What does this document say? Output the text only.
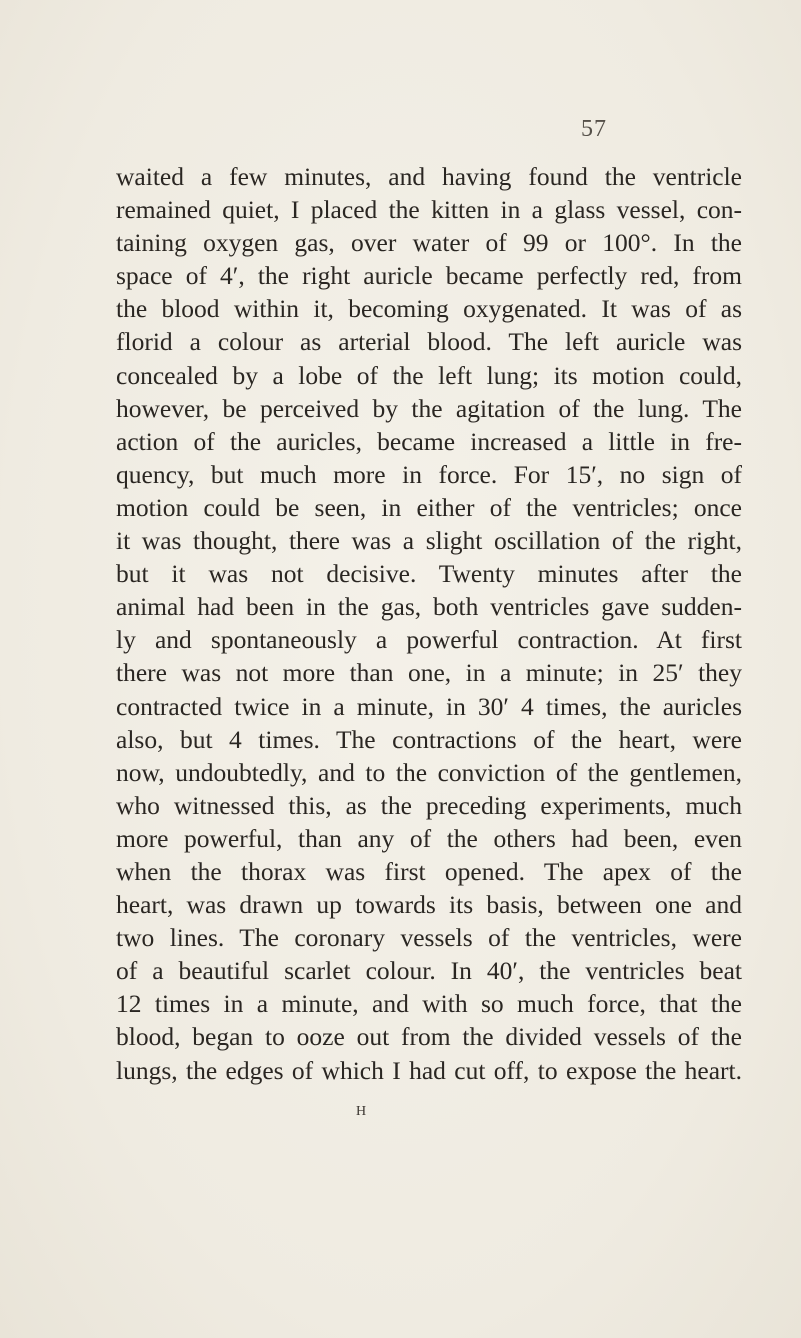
57
waited a few minutes, and having found the ventricle
remained quiet, I placed the kitten in a glass vessel, con-
taining oxygen gas, over water of 99 or 100°. In the
space of 4′, the right auricle became perfectly red, from
the blood within it, becoming oxygenated. It was of as
florid a colour as arterial blood. The left auricle was
concealed by a lobe of the left lung; its motion could,
however, be perceived by the agitation of the lung. The
action of the auricles, became increased a little in fre-
quency, but much more in force. For 15′, no sign of
motion could be seen, in either of the ventricles; once
it was thought, there was a slight oscillation of the right,
but it was not decisive. Twenty minutes after the
animal had been in the gas, both ventricles gave sudden-
ly and spontaneously a powerful contraction. At first
there was not more than one, in a minute; in 25′ they
contracted twice in a minute, in 30′ 4 times, the auricles
also, but 4 times. The contractions of the heart, were
now, undoubtedly, and to the conviction of the gentlemen,
who witnessed this, as the preceding experiments, much
more powerful, than any of the others had been, even
when the thorax was first opened. The apex of the
heart, was drawn up towards its basis, between one and
two lines. The coronary vessels of the ventricles, were
of a beautiful scarlet colour. In 40′, the ventricles beat
12 times in a minute, and with so much force, that the
blood, began to ooze out from the divided vessels of the
lungs, the edges of which I had cut off, to expose the heart.
H
